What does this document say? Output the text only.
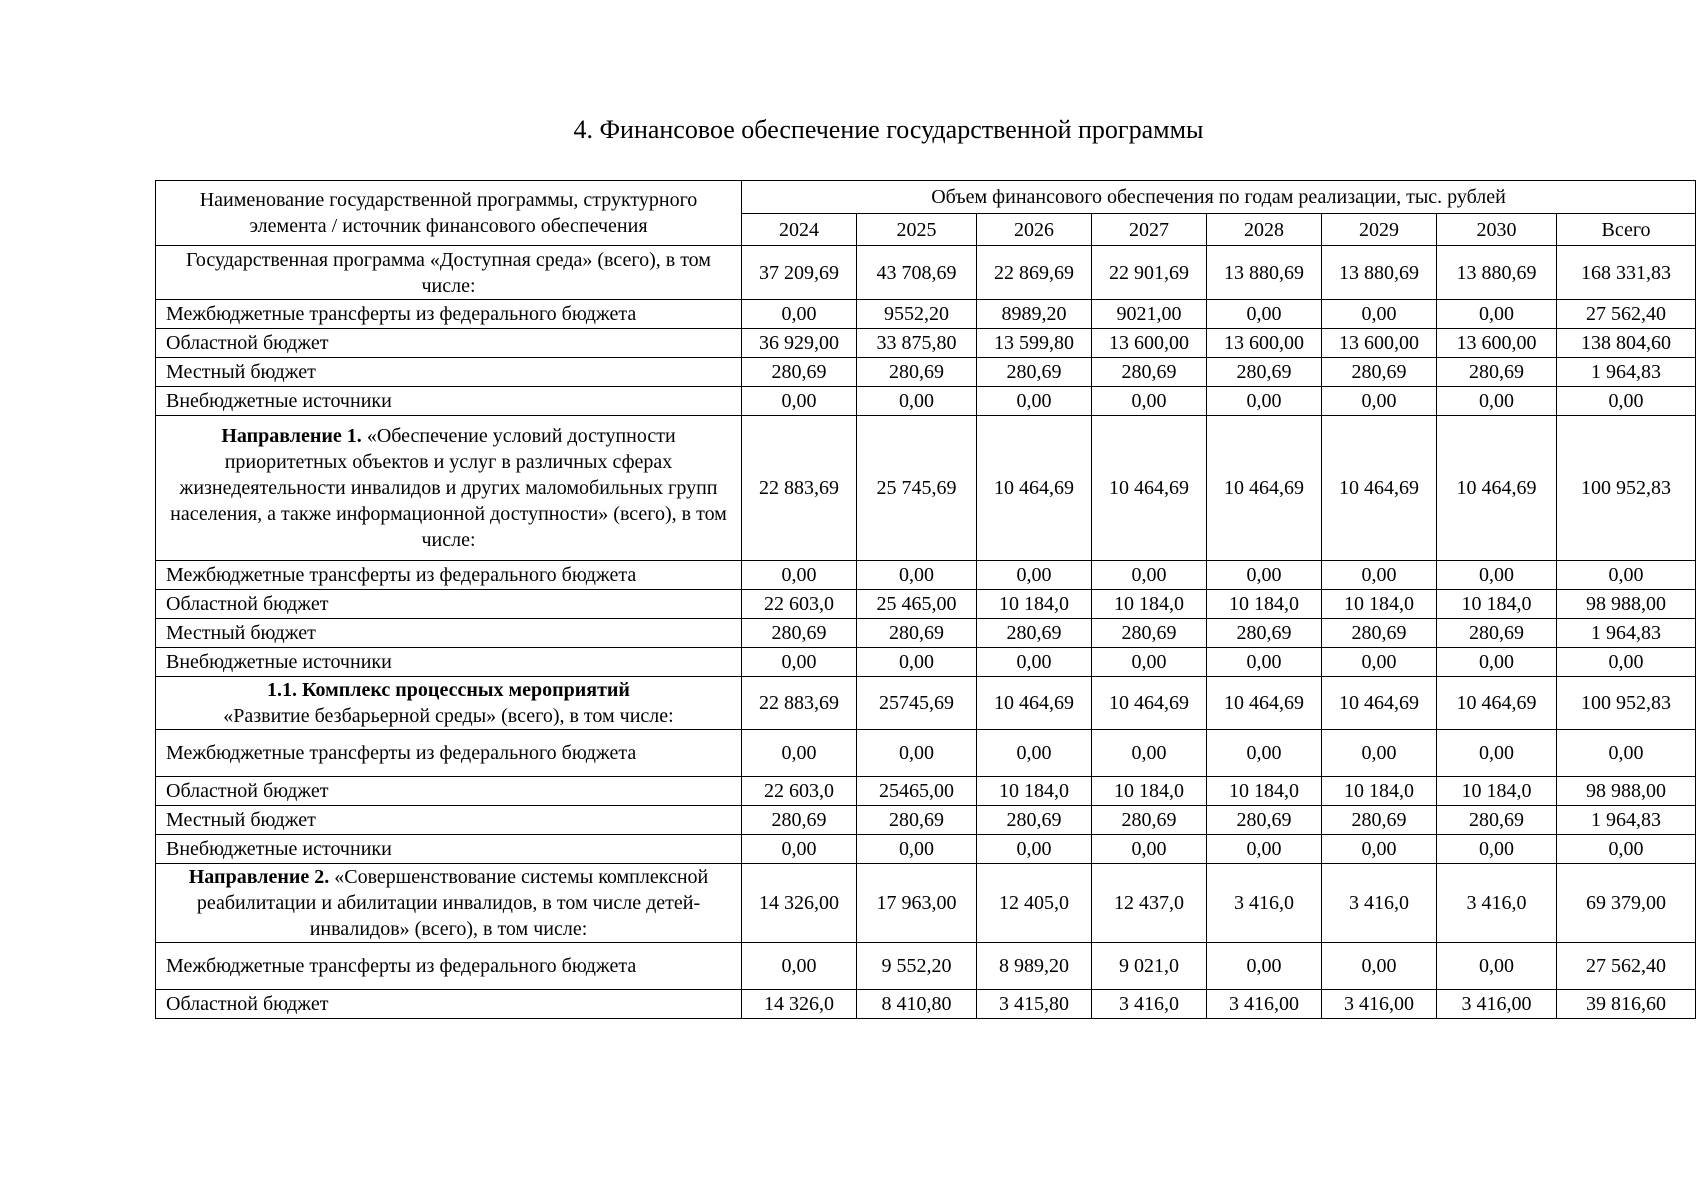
4. Финансовое обеспечение государственной программы
Наименование государственной программы, структурного элемента / источник финансового обеспечения	Объем финансового обеспечения по годам реализации, тыс. рублей							
	2024	2025	2026	2027	2028	2029	2030	Всего
Государственная программа «Доступная среда» (всего), в том числе:	37 209,69	43 708,69	22 869,69	22 901,69	13 880,69	13 880,69	13 880,69	168 331,83
Межбюджетные трансферты из федерального бюджета	0,00	9552,20	8989,20	9021,00	0,00	0,00	0,00	27 562,40
Областной бюджет	36 929,00	33 875,80	13 599,80	13 600,00	13 600,00	13 600,00	13 600,00	138 804,60
Местный бюджет	280,69	280,69	280,69	280,69	280,69	280,69	280,69	1 964,83
Внебюджетные источники	0,00	0,00	0,00	0,00	0,00	0,00	0,00	0,00
Направление 1. «Обеспечение условий доступности приоритетных объектов и услуг в различных сферах жизнедеятельности инвалидов и других маломобильных групп населения, а также информационной доступности» (всего), в том числе:	22 883,69	25 745,69	10 464,69	10 464,69	10 464,69	10 464,69	10 464,69	100 952,83
Межбюджетные трансферты из федерального бюджета	0,00	0,00	0,00	0,00	0,00	0,00	0,00	0,00
Областной бюджет	22 603,0	25 465,00	10 184,0	10 184,0	10 184,0	10 184,0	10 184,0	98 988,00
Местный бюджет	280,69	280,69	280,69	280,69	280,69	280,69	280,69	1 964,83
Внебюджетные источники	0,00	0,00	0,00	0,00	0,00	0,00	0,00	0,00
1.1. Комплекс процессных мероприятий
«Развитие безбарьерной среды» (всего), в том числе:	22 883,69	25745,69	10 464,69	10 464,69	10 464,69	10 464,69	10 464,69	100 952,83
Межбюджетные трансферты из федерального бюджета	0,00	0,00	0,00	0,00	0,00	0,00	0,00	0,00
Областной бюджет	22 603,0	25465,00	10 184,0	10 184,0	10 184,0	10 184,0	10 184,0	98 988,00
Местный бюджет	280,69	280,69	280,69	280,69	280,69	280,69	280,69	1 964,83
Внебюджетные источники	0,00	0,00	0,00	0,00	0,00	0,00	0,00	0,00
Направление 2. «Совершенствование системы комплексной реабилитации и абилитации инвалидов, в том числе детей-инвалидов» (всего), в том числе:	14 326,00	17 963,00	12 405,0	12 437,0	3 416,0	3 416,0	3 416,0	69 379,00
Межбюджетные трансферты из федерального бюджета	0,00	9 552,20	8 989,20	9 021,0	0,00	0,00	0,00	27 562,40
Областной бюджет	14 326,0	8 410,80	3 415,80	3 416,0	3 416,00	3 416,00	3 416,00	39 816,60
